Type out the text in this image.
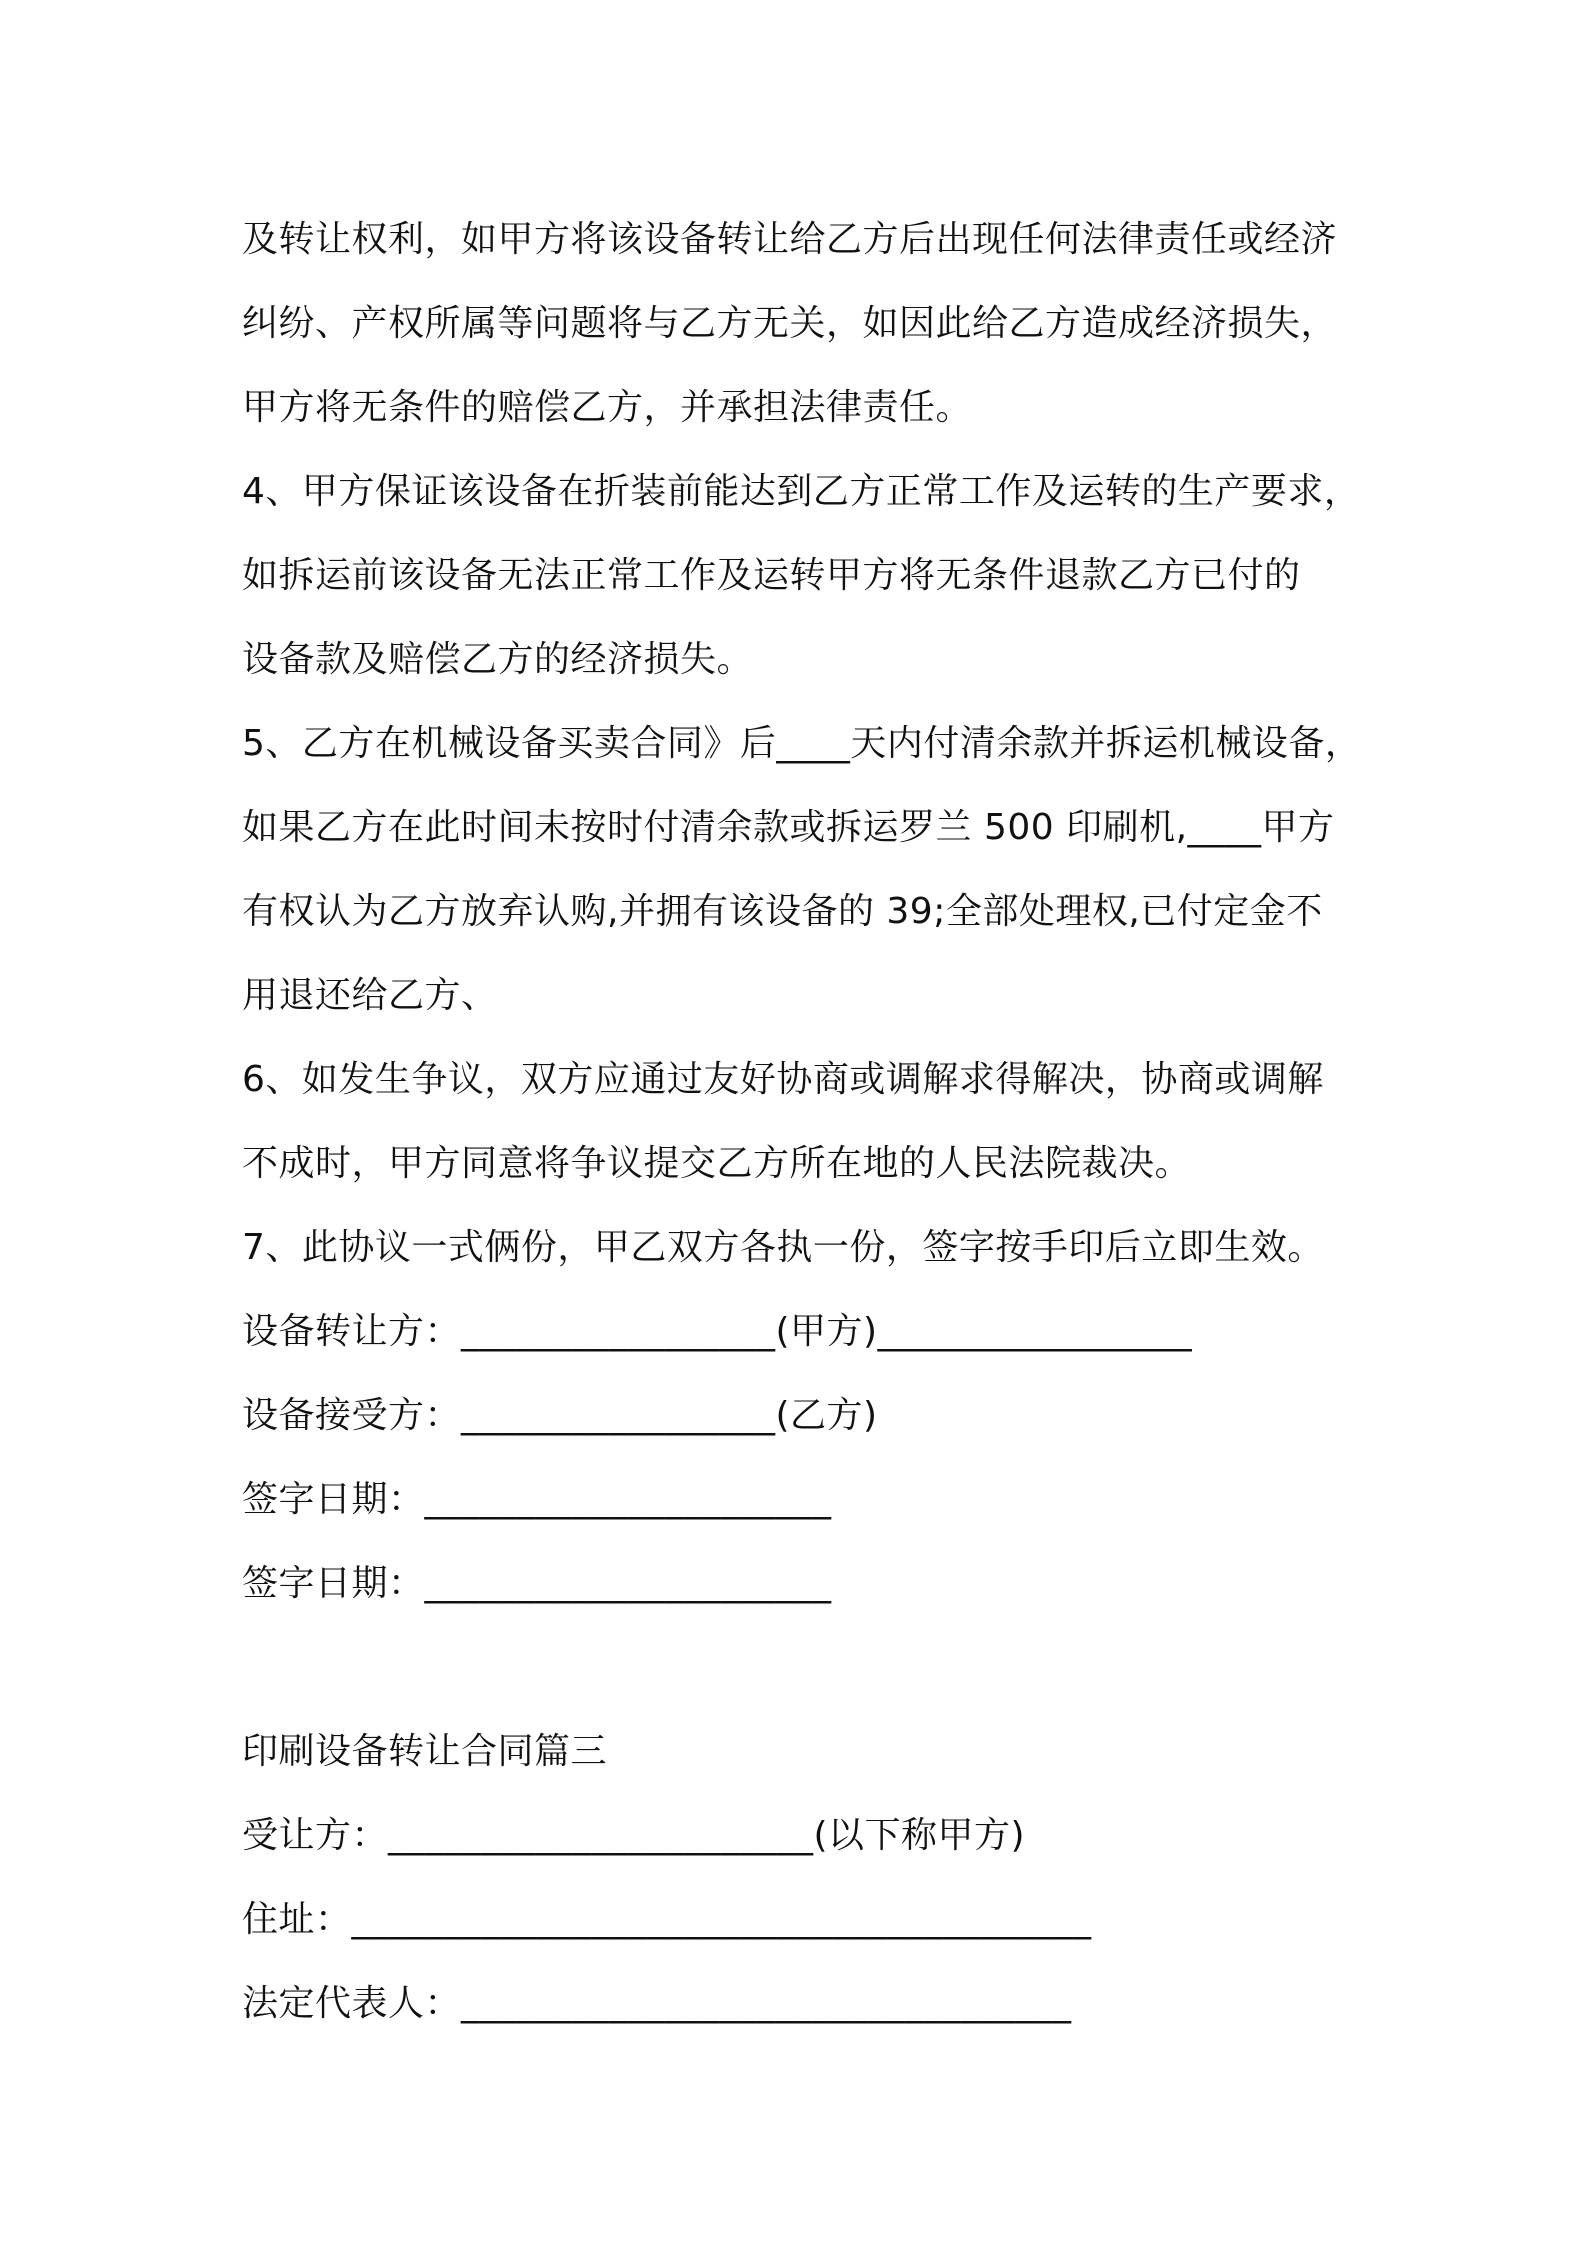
及转让权利，如甲方将该设备转让给乙方后出现任何法律责任或经济
纠纷、产权所属等问题将与乙方无关，如因此给乙方造成经济损失，
甲方将无条件的赔偿乙方，并承担法律责任。
4、甲方保证该设备在折装前能达到乙方正常工作及运转的生产要求，
如拆运前该设备无法正常工作及运转甲方将无条件退款乙方已付的
设备款及赔偿乙方的经济损失。
5、乙方在机械设备买卖合同》后____天内付清余款并拆运机械设备，
如果乙方在此时间未按时付清余款或拆运罗兰 500 印刷机,____甲方
有权认为乙方放弃认购,并拥有该设备的 39;全部处理权,已付定金不
用退还给乙方、
6、如发生争议，双方应通过友好协商或调解求得解决，协商或调解
不成时，甲方同意将争议提交乙方所在地的人民法院裁决。
7、此协议一式俩份，甲乙双方各执一份，签字按手印后立即生效。
设备转让方：_________________(甲方)_________________
设备接受方：_________________(乙方)
签字日期：______________________
签字日期：______________________
印刷设备转让合同篇三
受让方：_______________________(以下称甲方)
住址：________________________________________
法定代表人：_________________________________
